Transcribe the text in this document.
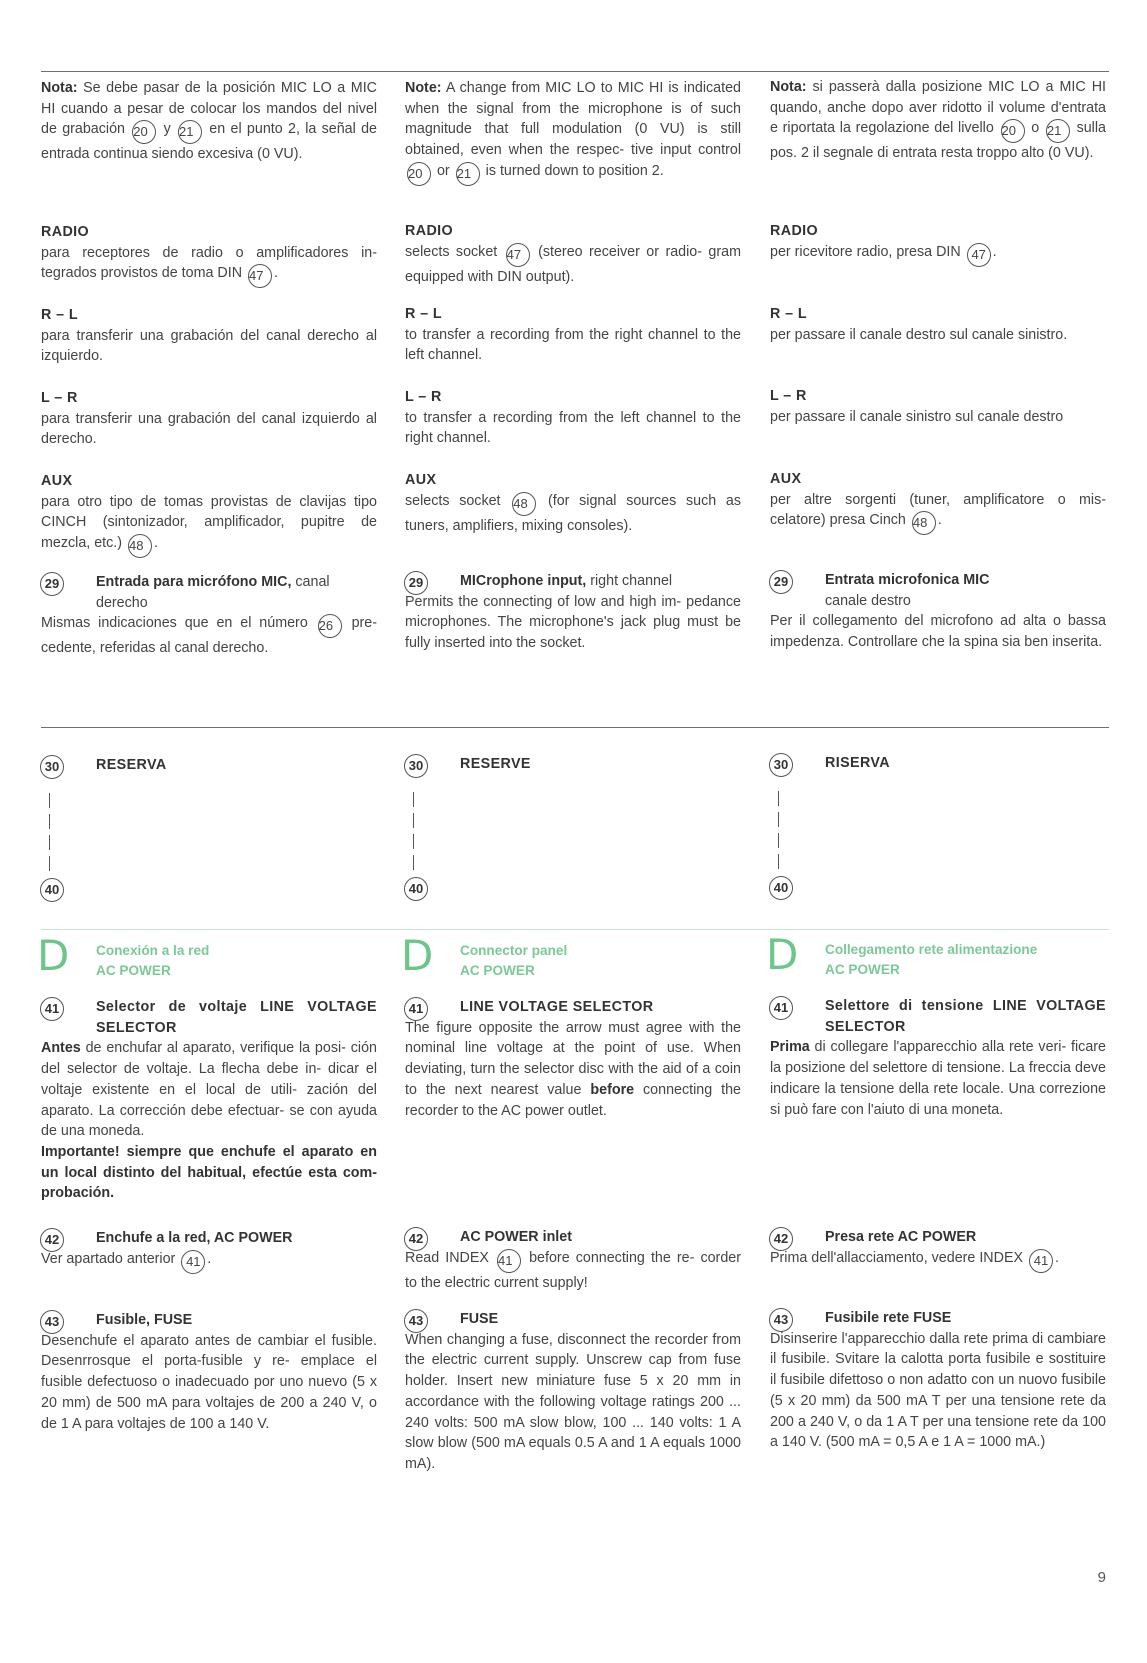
Nota: Se debe pasar de la posición MIC LO a MIC HI cuando a pesar de colocar los mandos del nivel de grabación 20 y 21 en el punto 2, la señal de entrada continua siendo excesiva (0 VU).
RADIO
para receptores de radio o amplificadores in- tegrados provistos de toma DIN 47 .
R – L
para transferir una grabación del canal derecho al izquierdo.
L – R
para transferir una grabación del canal izquierdo al derecho.
AUX
para otro tipo de tomas provistas de clavijas tipo CINCH (sintonizador, amplificador, pupitre de mezcla, etc.) 48 .
29	Entrada para micrófono MIC, canal
derecho
Mismas indicaciones que en el número 26 pre- cedente, referidas al canal derecho.
30	RESERVA
40
D Conexión a la red
AC POWER
41	Selector de voltaje LINE VOLTAGE SELECTOR
Antes de enchufar al aparato, verifique la posi- ción del selector de voltaje. La flecha debe in- dicar el voltaje existente en el local de utili- zación del aparato. La corrección debe efectuar- se con ayuda de una moneda.
Importante! siempre que enchufe el aparato en un local distinto del habitual, efectúe esta com- probación.
42	Enchufe a la red, AC POWER
Ver apartado anterior 41 .
43	Fusible, FUSE
Desenchufe el aparato antes de cambiar el fusible. Desenrrosque el porta-fusible y re- emplace el fusible defectuoso o inadecuado por uno nuevo (5 x 20 mm) de 500 mA para voltajes de 200 a 240 V, o de 1 A para voltajes de 100 a 140 V.
Note: A change from MIC LO to MIC HI is indicated when the signal from the microphone is of such magnitude that full modulation (0 VU) is still obtained, even when the respec- tive input control 20 or 21 is turned down to position 2.
RADIO
selects socket 47 (stereo receiver or radio- gram equipped with DIN output).
R – L
to transfer a recording from the right channel to the left channel.
L – R
to transfer a recording from the left channel to the right channel.
AUX
selects socket 48 (for signal sources such as tuners, amplifiers, mixing consoles).
29	MICrophone input, right channel
Permits the connecting of low and high im- pedance microphones. The microphone's jack plug must be fully inserted into the socket.
30	RESERVE
40
D Connector panel
AC POWER
41	LINE VOLTAGE SELECTOR
The figure opposite the arrow must agree with the nominal line voltage at the point of use. When deviating, turn the selector disc with the aid of a coin to the next nearest value before connecting the recorder to the AC power outlet.
42	AC POWER inlet
Read INDEX 41 before connecting the re- corder to the electric current supply!
43	FUSE
When changing a fuse, disconnect the recorder from the electric current supply. Unscrew cap from fuse holder. Insert new miniature fuse 5 x 20 mm in accordance with the following voltage ratings 200 ... 240 volts: 500 mA slow blow, 100 ... 140 volts: 1 A slow blow (500 mA equals 0.5 A and 1 A equals 1000 mA).
Nota: si passerà dalla posizione MIC LO a MIC HI quando, anche dopo aver ridotto il volume d'entrata e riportata la regolazione del livello 20 o 21 sulla pos. 2 il segnale di entrata resta troppo alto (0 VU).
RADIO
per ricevitore radio, presa DIN 47 .
R – L
per passare il canale destro sul canale sinistro.
L – R
per passare il canale sinistro sul canale destro
AUX
per altre sorgenti (tuner, amplificatore o mis- celatore) presa Cinch 48 .
29	Entrata microfonica MIC
canale destro
Per il collegamento del microfono ad alta o bassa impedenza. Controllare che la spina sia ben inserita.
30	RISERVA
40
D Collegamento rete alimentazione
AC POWER
41	Selettore di tensione LINE VOLTAGE SELECTOR
Prima di collegare l'apparecchio alla rete veri- ficare la posizione del selettore di tensione. La freccia deve indicare la tensione della rete locale. Una correzione si può fare con l'aiuto di una moneta.
42	Presa rete AC POWER
Prima dell'allacciamento, vedere INDEX 41 .
43	Fusibile rete FUSE
Disinserire l'apparecchio dalla rete prima di cambiare il fusibile. Svitare la calotta porta fusibile e sostituire il fusibile difettoso o non adatto con un nuovo fusibile (5 x 20 mm) da 500 mA T per una tensione rete da 200 a 240 V, o da 1 A T per una tensione rete da 100 a 140 V. (500 mA = 0,5 A e 1 A = 1000 mA.)
9
